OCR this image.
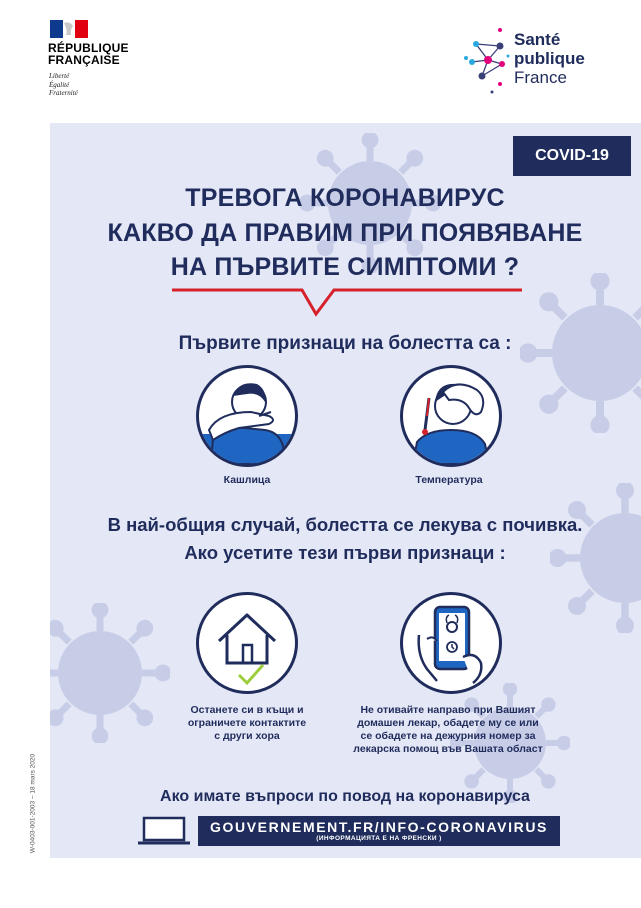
RÉPUBLIQUE
FRANÇAISE
Liberté
Égalité
Fraternité
Santé
publique
France
COVID-19
ТРЕВОГА КОРОНАВИРУС
КАКВО ДА ПРАВИМ ПРИ ПОЯВЯВАНЕ
НА ПЪРВИТЕ СИМПТОМИ ?
Първите признаци на болестта са :
Кашлица	Температура
В най-общия случай, болестта се лекува с почивка.
Ако усетите тези първи признаци :
Останете си в къщи и
ограничете контактите
с други хора
Не отивайте направо при Вашият
домашен лекар, обадете му се или
се обадете на дежурния номер за
лекарска помощ във Вашата област
Ако имате въпроси по повод на коронавируса
GOUVERNEMENT.FR/INFO-CORONAVIRUS
(ИНФОРМАЦИЯТА Е НА ФРЕНСКИ )
W-0403-001-2003 – 18 mars 2020
